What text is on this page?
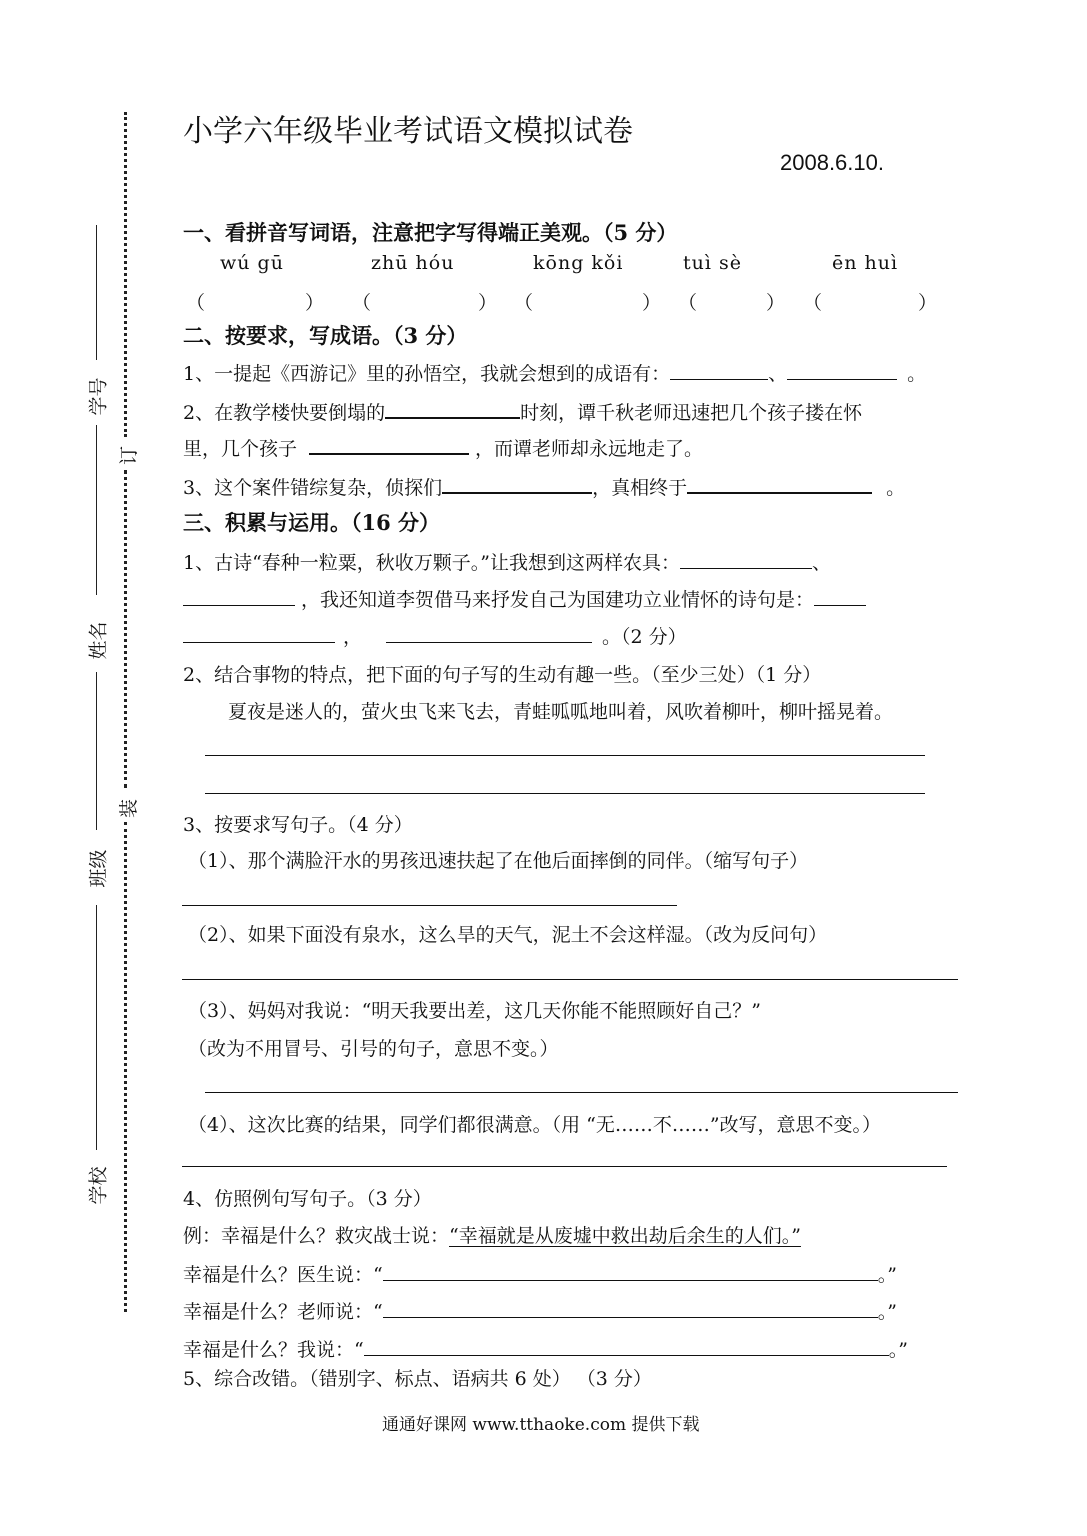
订
装
学号
姓名
班级
学校
小学六年级毕业考试语文模拟试卷
2008.6.10.
一、看拼音写词语，注意把字写得端正美观。（5 分）
wú gū	zhū hóu	kōng kǒi	tuì sè	ēn huì
（	） （	） （	） （	） （	）
二、按要求，写成语。（3 分）
1、一提起《西游记》里的孙悟空，我就会想到的成语有：	、	。
2、在教学楼快要倒塌的	时刻，谭千秋老师迅速把几个孩子搂在怀
里，几个孩子	，而谭老师却永远地走了。
3、这个案件错综复杂，侦探们	，真相终于	。
三、积累与运用。（16 分）
1、古诗“春种一粒粟，秋收万颗子。”让我想到这两样农具：	、
，我还知道李贺借马来抒发自己为国建功立业情怀的诗句是：
，	。（2 分）
2、结合事物的特点，把下面的句子写的生动有趣一些。（至少三处）（1 分）
夏夜是迷人的，萤火虫飞来飞去，青蛙呱呱地叫着，风吹着柳叶，柳叶摇晃着。
3、按要求写句子。（4 分）
（1）、那个满脸汗水的男孩迅速扶起了在他后面摔倒的同伴。（缩写句子）
（2）、如果下面没有泉水，这么旱的天气，泥土不会这样湿。（改为反问句）
（3）、妈妈对我说：“明天我要出差，这几天你能不能照顾好自己？”
（改为不用冒号、引号的句子，意思不变。）
（4）、这次比赛的结果，同学们都很满意。（用 “无……不……”改写，意思不变。）
4、仿照例句写句子。（3 分）
例：幸福是什么？救灾战士说：“幸福就是从废墟中救出劫后余生的人们。”
幸福是什么？医生说：“	。”
幸福是什么？老师说：“	。”
幸福是什么？我说：“	。”
5、综合改错。（错别字、标点、语病共 6 处） （3 分）
通通好课网 www.tthaoke.com 提供下载
